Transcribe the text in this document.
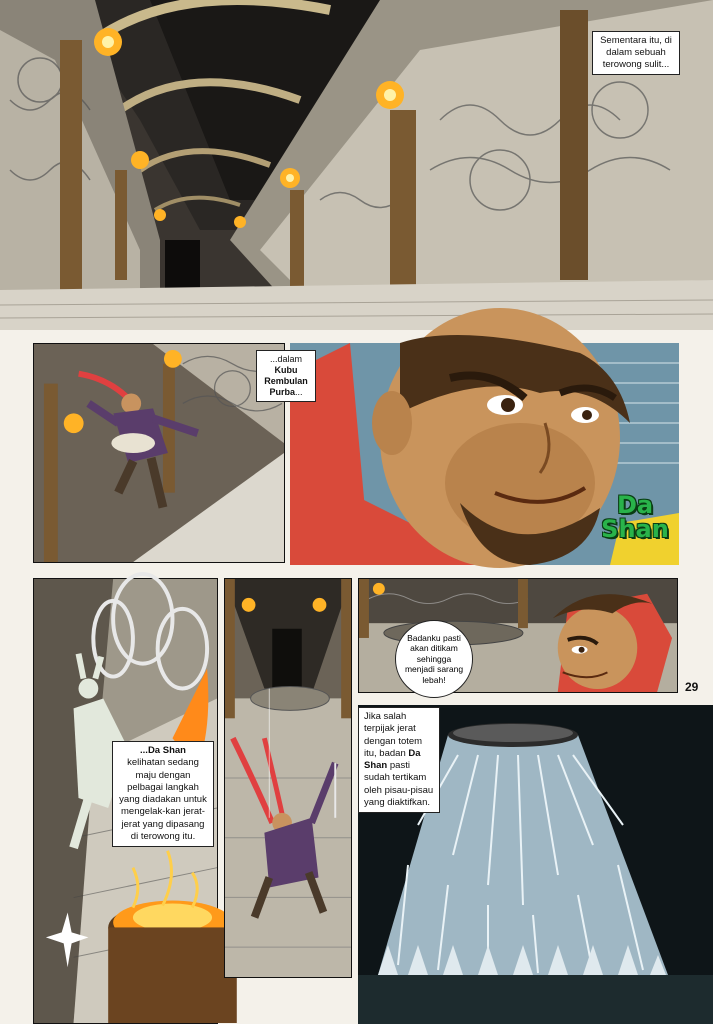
Sementara itu, di dalam sebuah terowong sulit...
...dalam
Kubu Rembulan Purba...
Da
Shan
...Da Shan
kelihatan sedang maju dengan pelbagai langkah yang diadakan untuk mengelak-kan jerat-jerat yang dipasang di terowong itu.
Badanku pasti akan ditikam sehingga menjadi sarang lebah!
29
Jika salah terpijak jerat dengan totem itu, badan Da Shan pasti sudah tertikam oleh pisau-pisau yang diaktifkan.
